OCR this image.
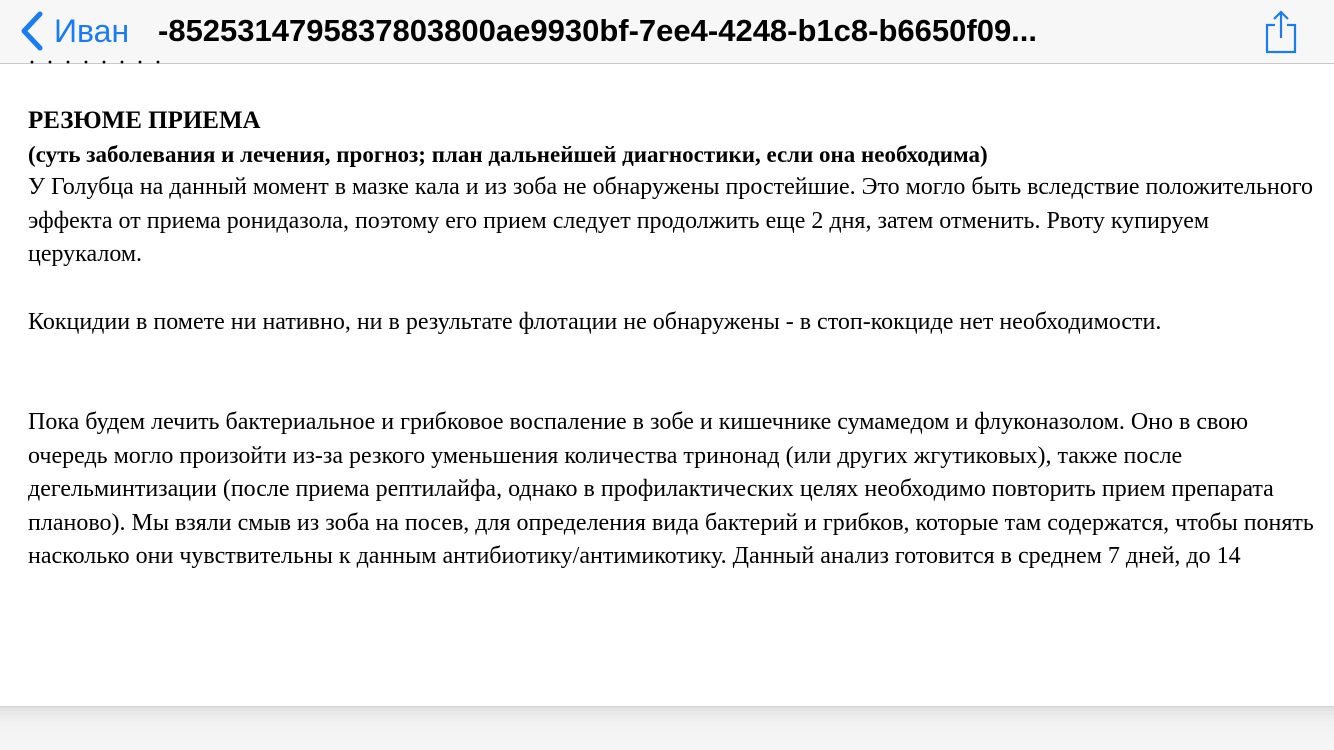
Иван -852531479583780380⁠​0ae9930bf-7ee4-4248-b1c8-b6650f09...
· · · · · · · ·
РЕЗЮМЕ ПРИЕМА
(суть заболевания и лечения, прогноз; план дальнейшей диагностики, если она необходима)
У Голубца на данный момент в мазке кала и из зоба не обнаружены простейшие. Это могло быть вследствие положительного эффекта от приема ронидазола, поэтому его прием следует продолжить еще 2 дня, затем отменить. Рвоту купируем церукалом.

Кокцидии в помете ни нативно, ни в результате флотации не обнаружены - в стоп-кокциде нет необходимости.

Пока будем лечить бактериальное и грибковое воспаление в зобе и кишечнике сумамедом и флуконазолом. Оно в свою очередь могло произойти из-за резкого уменьшения количества тринонад (или других жгутиковых), также после дегельминтизации (после приема рептилайфа, однако в профилактических целях необходимо повторить прием препарата планово). Мы взяли смыв из зоба на посев, для определения вида бактерий и грибков, которые там содержатся, чтобы понять насколько они чувствительны к данным антибиотику/антимикотику. Данный анализ готовится в среднем 7 дней, до 14
